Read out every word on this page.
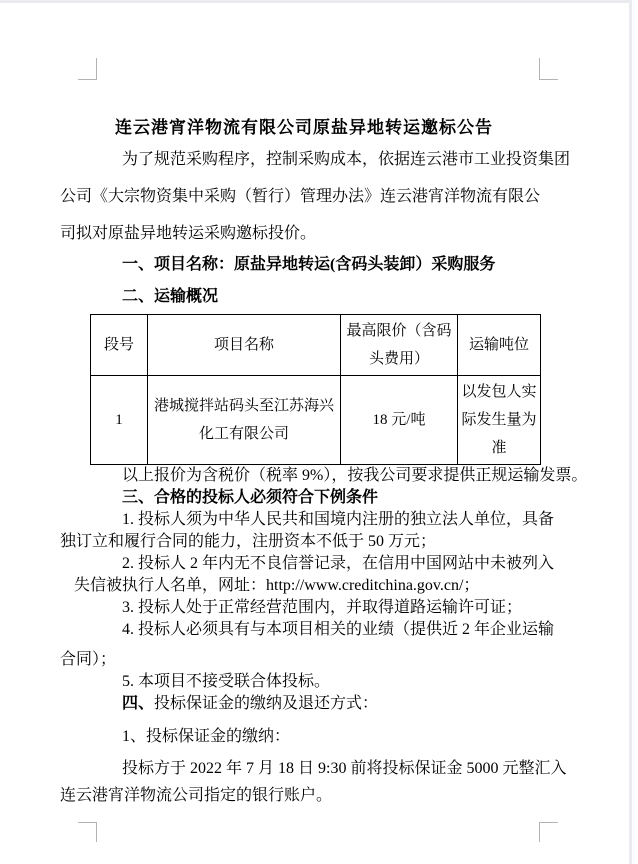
连云港宵洋物流有限公司原盐异地转运邀标公告
为了规范采购程序，控制采购成本，依据连云港市工业投资集团
公司《大宗物资集中采购（暂行）管理办法》连云港宵洋物流有限公
司拟对原盐异地转运采购邀标投价。
一、项目名称：原盐异地转运(含码头装卸）采购服务
二、运输概况
段号	项目名称	最高限价（含码头费用）	运输吨位
1	港城搅拌站码头至江苏海兴化工有限公司	18 元/吨	以发包人实际发生量为准
以上报价为含税价（税率 9%），按我公司要求提供正规运输发票。
三、合格的投标人必须符合下例条件
1. 投标人须为中华人民共和国境内注册的独立法人单位，具备
独订立和履行合同的能力，注册资本不低于 50 万元；
2. 投标人 2 年内无不良信誉记录，在信用中国网站中未被列入
失信被执行人名单，网址：http://www.creditchina.gov.cn/；
3. 投标人处于正常经营范围内，并取得道路运输许可证；
4. 投标人必须具有与本项目相关的业绩（提供近 2 年企业运输
合同）；
5. 本项目不接受联合体投标。
四、投标保证金的缴纳及退还方式：
1、投标保证金的缴纳：
投标方于 2022 年 7 月 18 日 9:30 前将投标保证金 5000 元整汇入
连云港宵洋物流公司指定的银行账户。
